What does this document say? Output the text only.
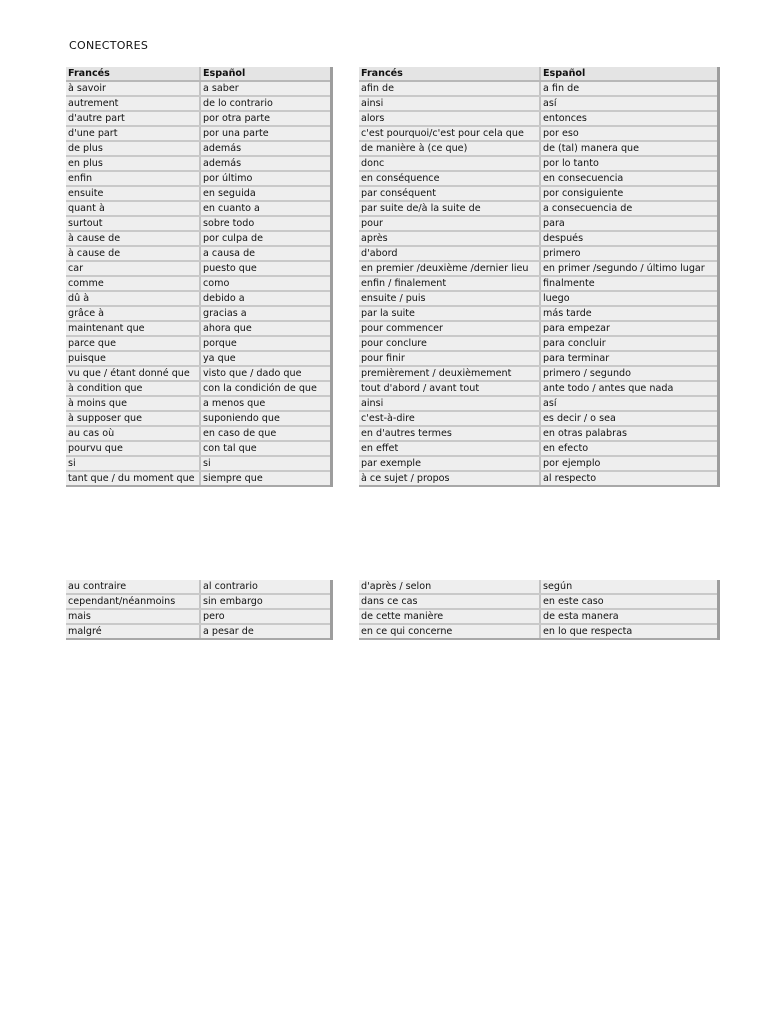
CONECTORES
Francés	Español
à savoir	a saber
autrement	de lo contrario
d'autre part	por otra parte
d'une part	por una parte
de plus	además
en plus	además
enfin	por último
ensuite	en seguida
quant à	en cuanto a
surtout	sobre todo
à cause de	por culpa de
à cause de	a causa de
car	puesto que
comme	como
dû à	debido a
grâce à	gracias a
maintenant que	ahora que
parce que	porque
puisque	ya que
vu que / étant donné que	visto que / dado que
à condition que	con la condición de que
à moins que	a menos que
à supposer que	suponiendo que
au cas où	en caso de que
pourvu que	con tal que
si	si
tant que / du moment que	siempre que
Francés	Español
afin de	a fin de
ainsi	así
alors	entonces
c'est pourquoi/c'est pour cela que	por eso
de manière à (ce que)	de (tal) manera que
donc	por lo tanto
en conséquence	en consecuencia
par conséquent	por consiguiente
par suite de/à la suite de	a consecuencia de
pour	para
après	después
d'abord	primero
en premier /deuxième /dernier lieu	en primer /segundo / último lugar
enfin / finalement	finalmente
ensuite / puis	luego
par la suite	más tarde
pour commencer	para empezar
pour conclure	para concluir
pour finir	para terminar
premièrement / deuxièmement	primero / segundo
tout d'abord / avant tout	ante todo / antes que nada
ainsi	así
c'est-à-dire	es decir / o sea
en d'autres termes	en otras palabras
en effet	en efecto
par exemple	por ejemplo
à ce sujet / propos	al respecto
au contraire	al contrario
cependant/néanmoins	sin embargo
mais	pero
malgré	a pesar de
d'après / selon	según
dans ce cas	en este caso
de cette manière	de esta manera
en ce qui concerne	en lo que respecta
